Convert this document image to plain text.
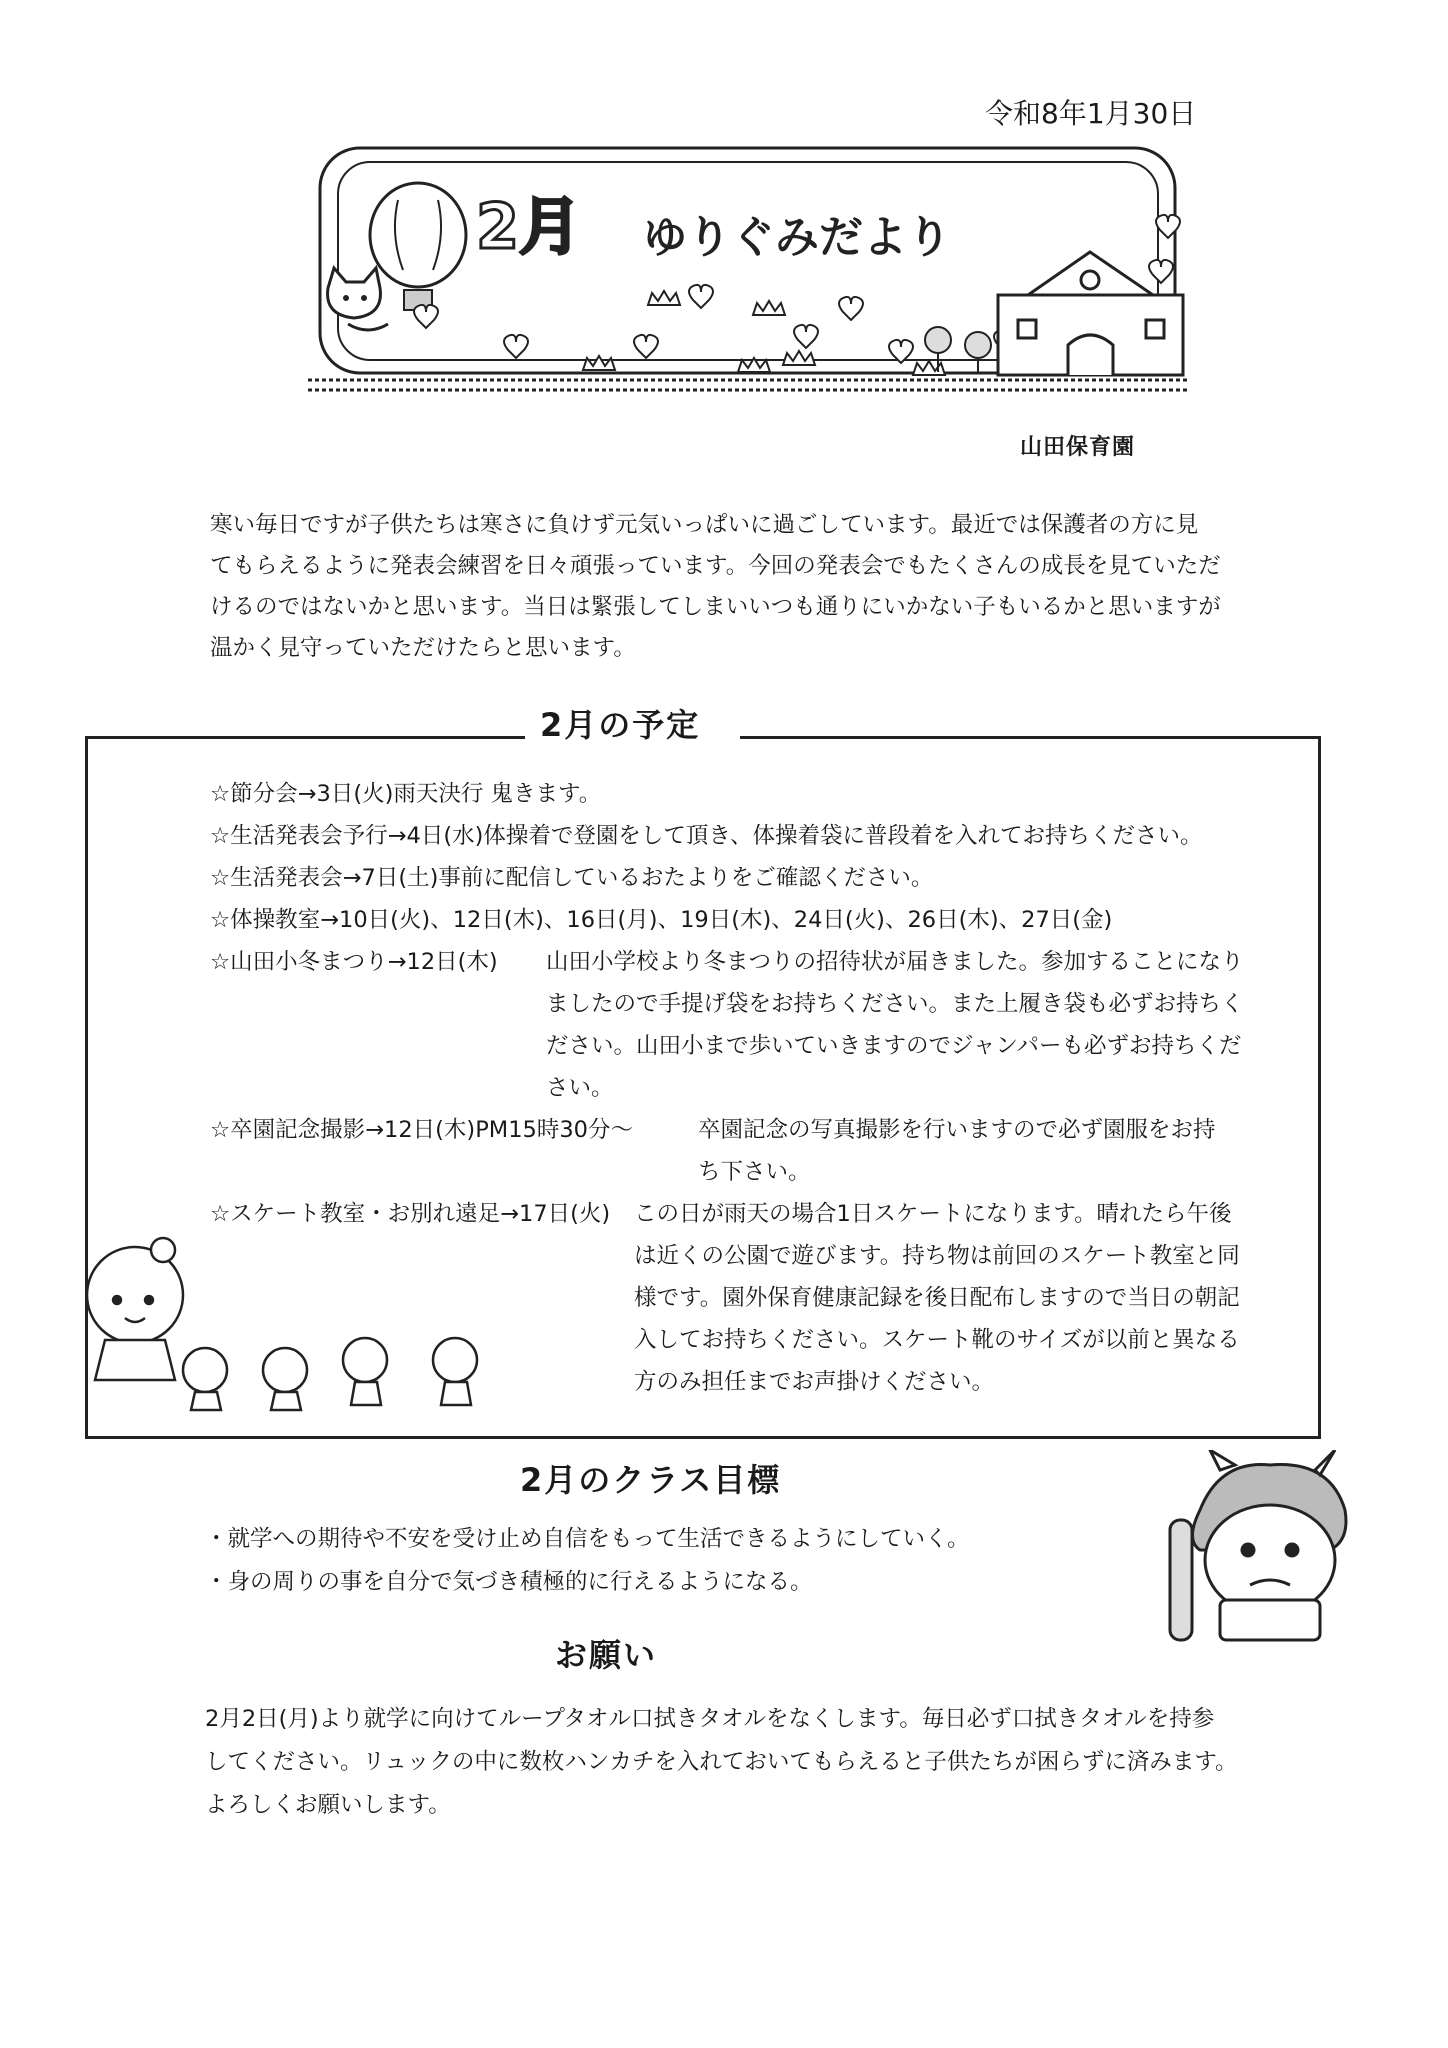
令和8年1月30日
2月 ゆりぐみだより
山田保育園

寒い毎日ですが子供たちは寒さに負けず元気いっぱいに過ごしています。最近では保護者の方に見

てもらえるように発表会練習を日々頑張っています。今回の発表会でもたくさんの成長を見ていただ

けるのではないかと思います。当日は緊張してしまいいつも通りにいかない子もいるかと思いますが

温かく見守っていただけたらと思います。

2月の予定
☆節分会→3日(火)雨天決行 鬼きます。
☆生活発表会予行→4日(水)体操着で登園をして頂き、体操着袋に普段着を入れてお持ちください。
☆生活発表会→7日(土)事前に配信しているおたよりをご確認ください。
☆体操教室→10日(火)、12日(木)、16日(月)、19日(木)、24日(火)、26日(木)、27日(金)
☆山田小冬まつり→12日(木)	山田小学校より冬まつりの招待状が届きました。参加することになりましたので手提げ袋をお持ちください。また上履き袋も必ずお持ちください。山田小まで歩いていきますのでジャンパーも必ずお持ちください。
☆卒園記念撮影→12日(木)PM15時30分～	卒園記念の写真撮影を行いますので必ず園服をお持ち下さい。
☆スケート教室・お別れ遠足→17日(火)	この日が雨天の場合1日スケートになります。晴れたら午後は近くの公園で遊びます。持ち物は前回のスケート教室と同様です。園外保育健康記録を後日配布しますので当日の朝記入してお持ちください。スケート靴のサイズが以前と異なる方のみ担任までお声掛けください。
2月のクラス目標
・就学への期待や不安を受け止め自信をもって生活できるようにしていく。
・身の周りの事を自分で気づき積極的に行えるようになる。
お願い

2月2日(月)より就学に向けてループタオル口拭きタオルをなくします。毎日必ず口拭きタオルを持参

してください。リュックの中に数枚ハンカチを入れておいてもらえると子供たちが困らずに済みます。

よろしくお願いします。
